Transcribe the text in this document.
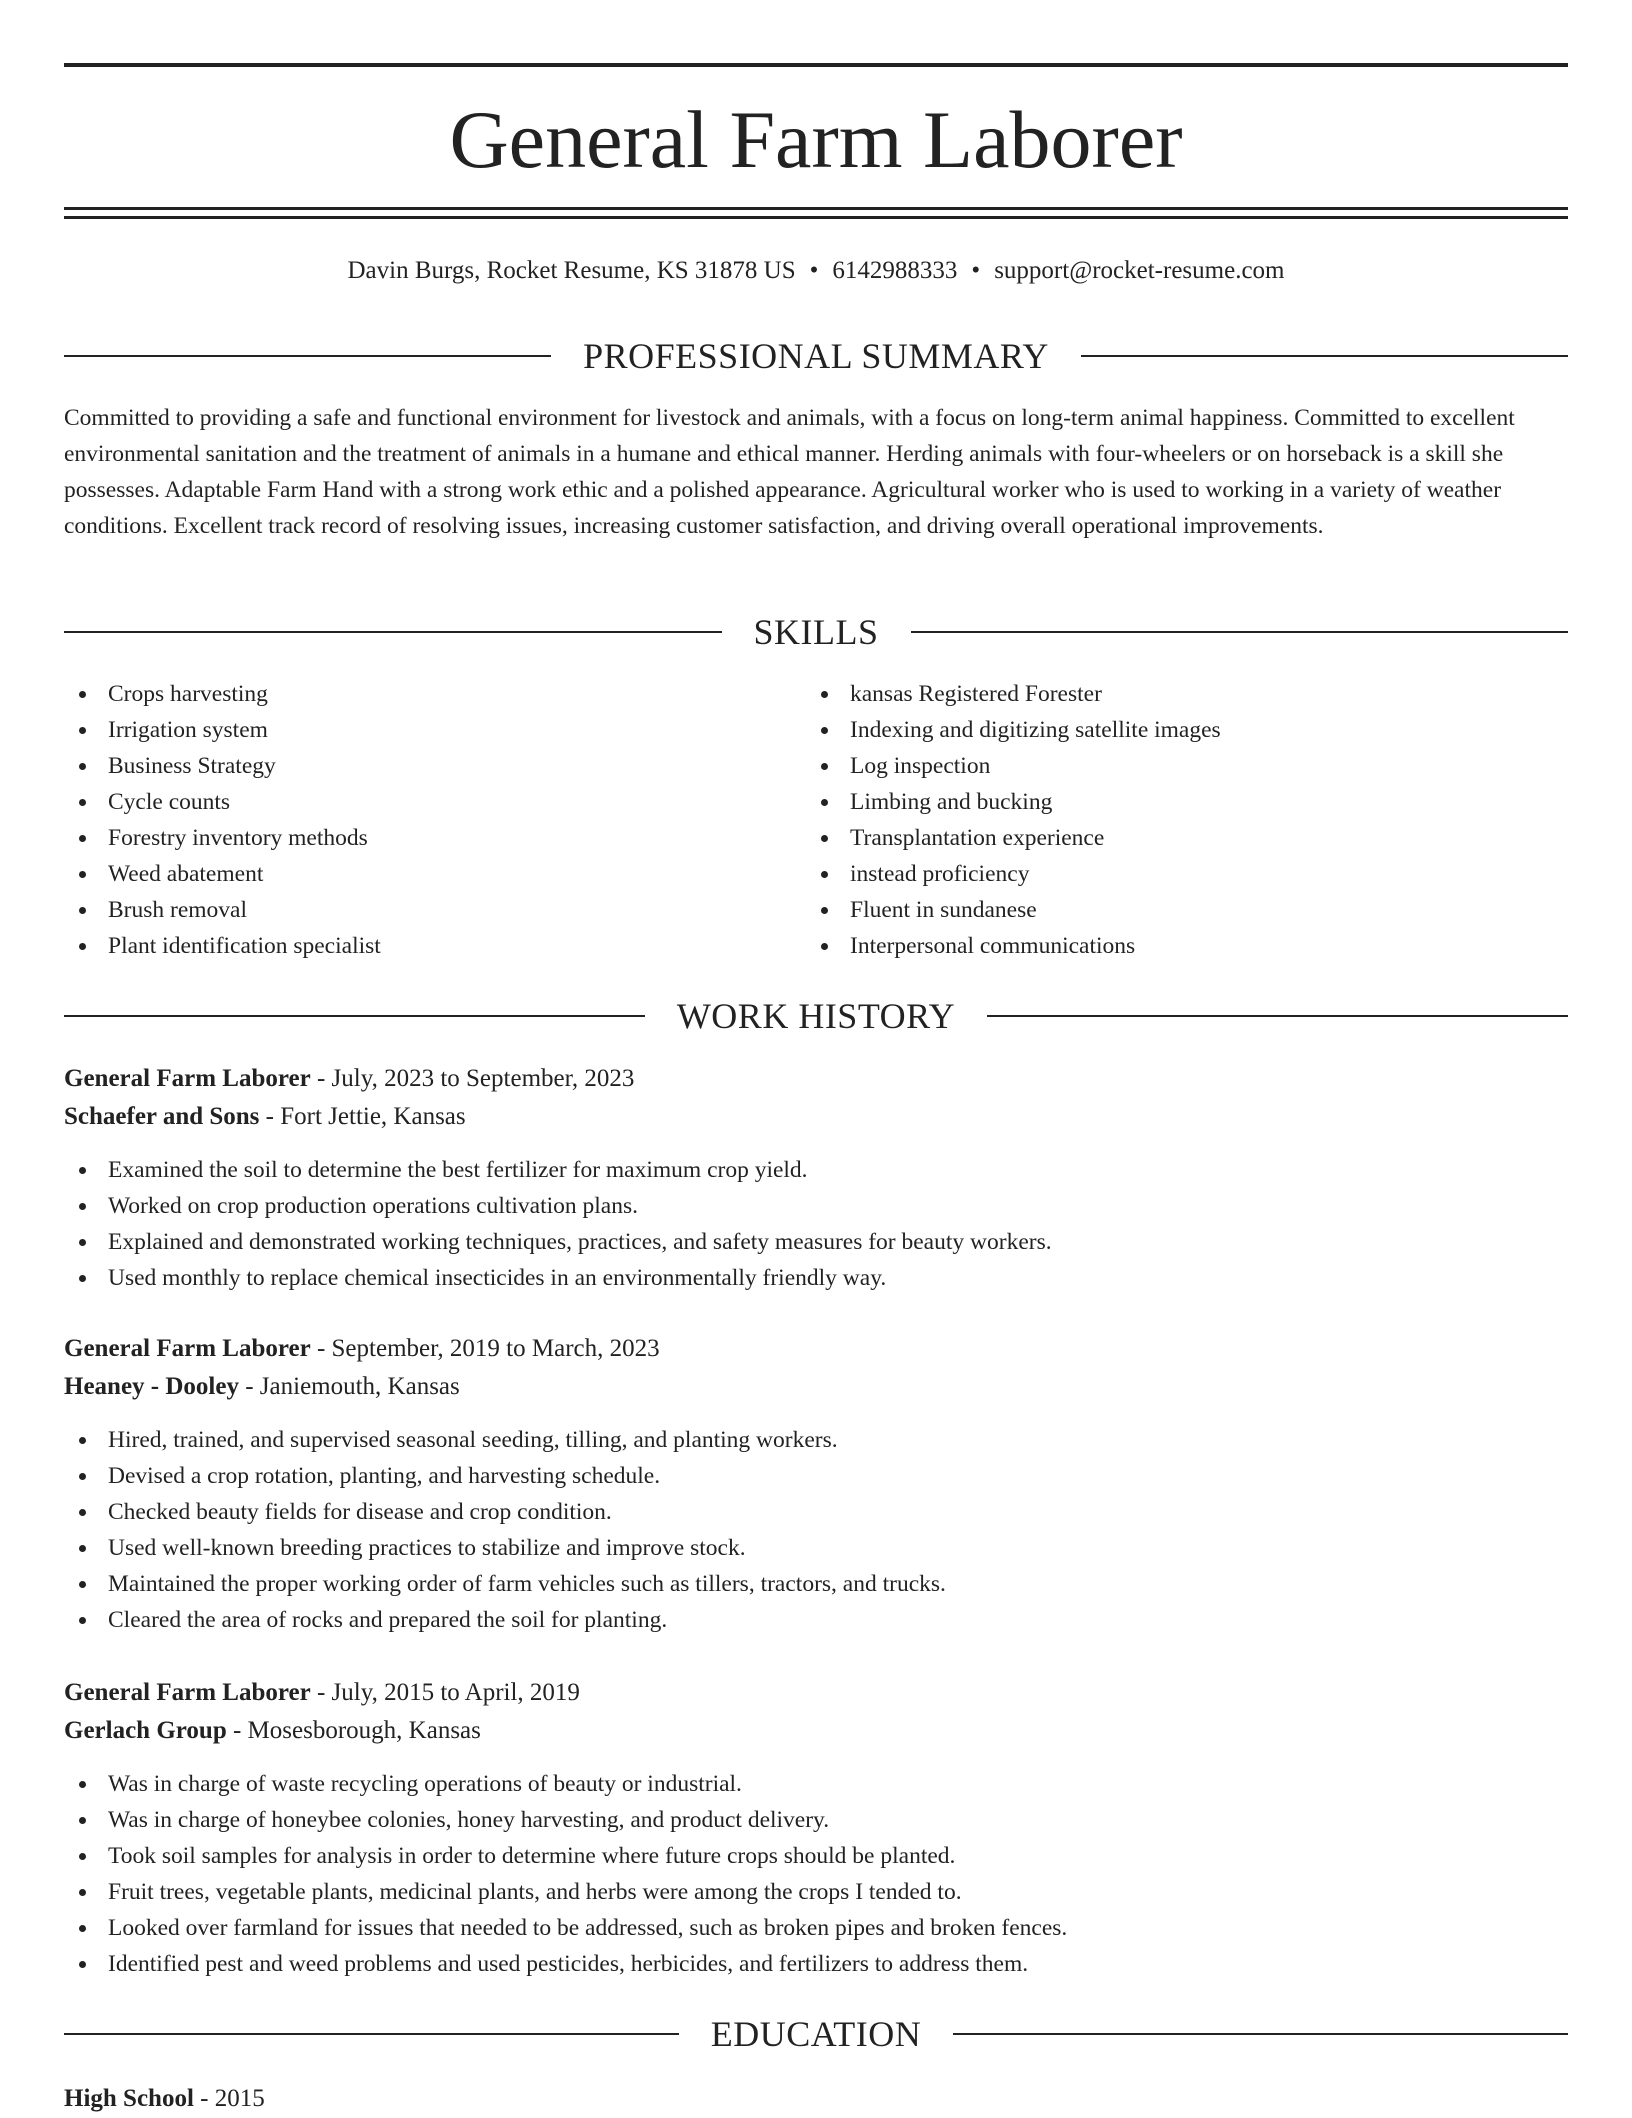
General Farm Laborer
Davin Burgs, Rocket Resume, KS 31878 US • 6142988333 • support@rocket-resume.com
PROFESSIONAL SUMMARY

Committed to providing a safe and functional environment for livestock and animals, with a focus on long-term animal happiness. Committed to excellent environmental sanitation and the treatment of animals in a humane and ethical manner. Herding animals with four-wheelers or on horseback is a skill she possesses. Adaptable Farm Hand with a strong work ethic and a polished appearance. Agricultural worker who is used to working in a variety of weather conditions. Excellent track record of resolving issues, increasing customer satisfaction, and driving overall operational improvements.

SKILLS
Crops harvesting
Irrigation system
Business Strategy
Cycle counts
Forestry inventory methods
Weed abatement
Brush removal
Plant identification specialist
kansas Registered Forester
Indexing and digitizing satellite images
Log inspection
Limbing and bucking
Transplantation experience
instead proficiency
Fluent in sundanese
Interpersonal communications
WORK HISTORY
General Farm Laborer - July, 2023 to September, 2023
Schaefer and Sons - Fort Jettie, Kansas
Examined the soil to determine the best fertilizer for maximum crop yield.
Worked on crop production operations cultivation plans.
Explained and demonstrated working techniques, practices, and safety measures for beauty workers.
Used monthly to replace chemical insecticides in an environmentally friendly way.
General Farm Laborer - September, 2019 to March, 2023
Heaney - Dooley - Janiemouth, Kansas
Hired, trained, and supervised seasonal seeding, tilling, and planting workers.
Devised a crop rotation, planting, and harvesting schedule.
Checked beauty fields for disease and crop condition.
Used well-known breeding practices to stabilize and improve stock.
Maintained the proper working order of farm vehicles such as tillers, tractors, and trucks.
Cleared the area of rocks and prepared the soil for planting.
General Farm Laborer - July, 2015 to April, 2019
Gerlach Group - Mosesborough, Kansas
Was in charge of waste recycling operations of beauty or industrial.
Was in charge of honeybee colonies, honey harvesting, and product delivery.
Took soil samples for analysis in order to determine where future crops should be planted.
Fruit trees, vegetable plants, medicinal plants, and herbs were among the crops I tended to.
Looked over farmland for issues that needed to be addressed, such as broken pipes and broken fences.
Identified pest and weed problems and used pesticides, herbicides, and fertilizers to address them.
EDUCATION
High School - 2015
